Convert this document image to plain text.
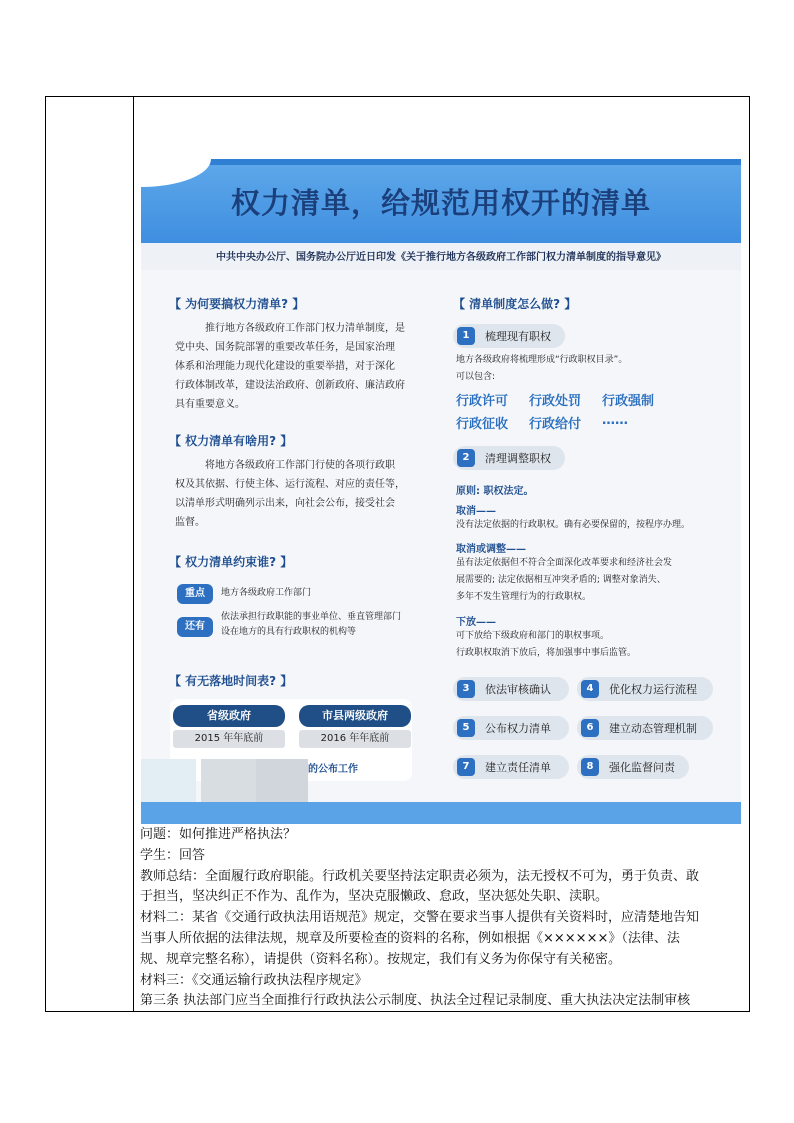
权力清单，给规范用权开的清单
中共中央办公厅、国务院办公厅近日印发《关于推行地方各级政府工作部门权力清单制度的指导意见》
【 为何要搞权力清单? 】
推行地方各级政府工作部门权力清单制度，是
党中央、国务院部署的重要改革任务，是国家治理
体系和治理能力现代化建设的重要举措，对于深化
行政体制改革，建设法治政府、创新政府、廉洁政府
具有重要意义。
【 权力清单有啥用? 】
将地方各级政府工作部门行使的各项行政职
权及其依据、行使主体、运行流程、对应的责任等，
以清单形式明确列示出来，向社会公布，接受社会
监督。
【 权力清单约束谁? 】
重点	地方各级政府工作部门
还有
依法承担行政职能的事业单位、垂直管理部门
设在地方的具有行政职权的机构等
【 有无落地时间表? 】
省级政府
2015 年年底前
市县两级政府
2016 年年底前
的公布工作
【 清单制度怎么做? 】
1	梳理现有职权
地方各级政府将梳理形成“行政职权目录”。
可以包含:
行政许可 行政处罚 行政强制
行政征收 行政给付 ……
2	清理调整职权
原则: 职权法定。
取消——
没有法定依据的行政职权。确有必要保留的，按程序办理。
取消或调整——
虽有法定依据但不符合全面深化改革要求和经济社会发
展需要的; 法定依据相互冲突矛盾的; 调整对象消失、
多年不发生管理行为的行政职权。
下放——
可下放给下级政府和部门的职权事项。
行政职权取消下放后，将加强事中事后监管。
3	依法审核确认	4	优化权力运行流程
5	公布权力清单	6	建立动态管理机制
7	建立责任清单	8	强化监督问责
问题：如何推进严格执法？
学生：回答
教师总结：全面履行政府职能。行政机关要坚持法定职责必须为，法无授权不可为，勇于负责、敢
于担当，坚决纠正不作为、乱作为，坚决克服懒政、怠政，坚决惩处失职、渎职。
材料二：某省《交通行政执法用语规范》规定，交警在要求当事人提供有关资料时，应清楚地告知
当事人所依据的法律法规，规章及所要检查的资料的名称，例如根据《××××××》（法律、法
规、规章完整名称），请提供（资料名称）。按规定，我们有义务为你保守有关秘密。
材料三：《交通运输行政执法程序规定》
第三条 执法部门应当全面推行行政执法公示制度、执法全过程记录制度、重大执法决定法制审核
